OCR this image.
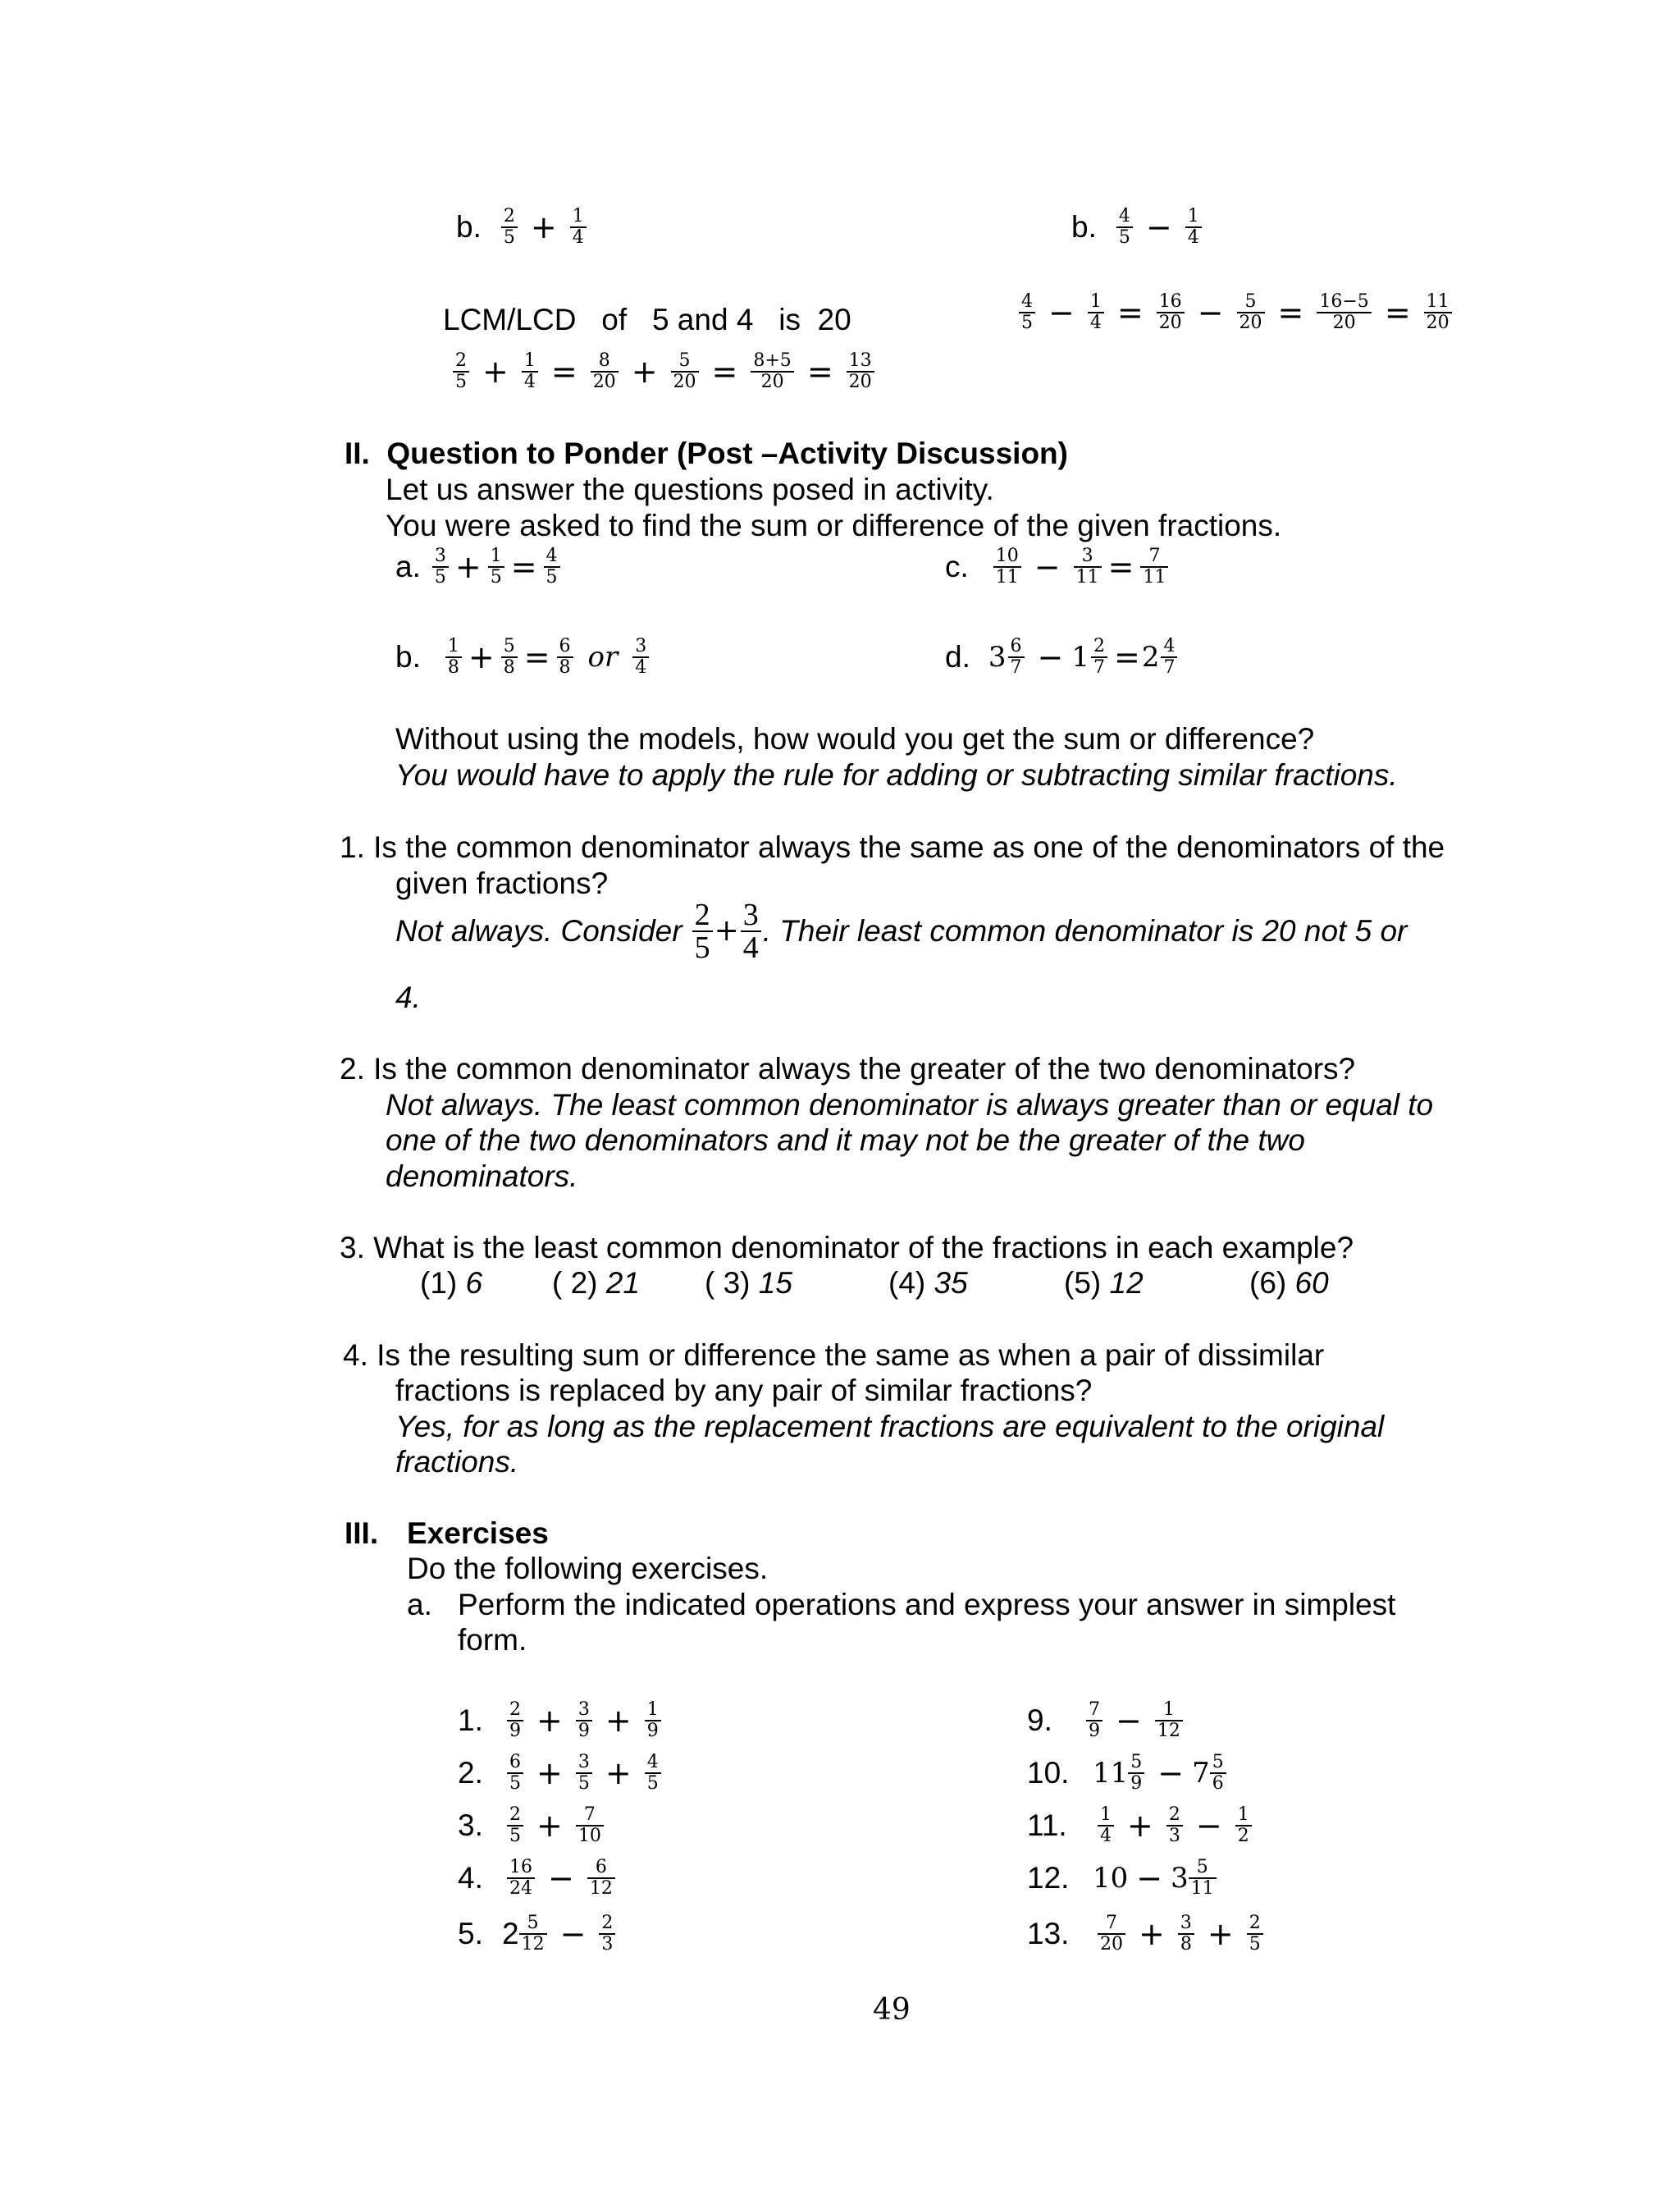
b. $\frac{2}{5} + \frac{1}{4}$
LCM/LCD   of   5 and 4   is  20
$\frac{2}{5} + \frac{1}{4} = \frac{8}{20} + \frac{5}{20} = \frac{8+5}{20} = \frac{13}{20}$
b. $\frac{4}{5} - \frac{1}{4}$
$\frac{4}{5} - \frac{1}{4} = \frac{16}{20} - \frac{5}{20} = \frac{16-5}{20} = \frac{11}{20}$
II.  Question to Ponder (Post –Activity Discussion)
Let us answer the questions posed in activity.
You were asked to find the sum or difference of the given fractions.
a. $\frac{3}{5} + \frac{1}{5} = \frac{4}{5}$	c. $\frac{10}{11} - \frac{3}{11} = \frac{7}{11}$
b. $\frac{1}{8} + \frac{5}{8} = \frac{6}{8}$ or $\frac{3}{4}$	d. $3 \frac{6}{7} - 1 \frac{2}{7} = 2 \frac{4}{7}$
Without using the models, how would you get the sum or difference?
You would have to apply the rule for adding or subtracting similar fractions.
1. Is the common denominator always the same as one of the denominators of the
given fractions?
Not always. Consider $\frac{2}{5} + \frac{3}{4}$ . Their least common denominator is 20 not 5 or
4.
2. Is the common denominator always the greater of the two denominators?
Not always. The least common denominator is always greater than or equal to
one of the two denominators and it may not be the greater of the two
denominators.
3. What is the least common denominator of the fractions in each example?
(1) 6 ( 2) 21 ( 3) 15	(4) 35	(5) 12	(6) 60
4. Is the resulting sum or difference the same as when a pair of dissimilar
fractions is replaced by any pair of similar fractions?
Yes, for as long as the replacement fractions are equivalent to the original
fractions.
III. Exercises
Do the following exercises.
a. Perform the indicated operations and express your answer in simplest
form.
1.	$\frac{2}{9} + \frac{3}{9} + \frac{1}{9}$
2.	$\frac{6}{5} + \frac{3}{5} + \frac{4}{5}$
3.	$\frac{2}{5} + \frac{7}{10}$
4.	$\frac{16}{24} - \frac{6}{12}$
5. $2 \frac{5}{12} - \frac{2}{3}$
9.	$\frac{7}{9} - \frac{1}{12}$
10. $11 \frac{5}{9} - 7 \frac{5}{6}$
11.	$\frac{1}{4} + \frac{2}{3} - \frac{1}{2}$
12. $10 - 3 \frac{5}{11}$
13.	$\frac{7}{20} + \frac{3}{8} + \frac{2}{5}$
49
